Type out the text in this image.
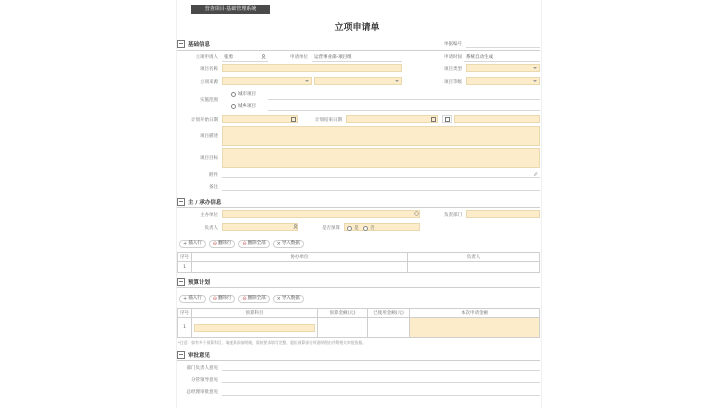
营查项目·基础管理系统
立项申请单
基础信息	单据编号
立项申请人 张勇	申请单位 运营事业部-项目组	申请时间 系统自动生成
项目名称	项目类型
立项来源	项目等级
城市项目
实施范围
城乡项目
计划开始日期	计划结束日期
项目描述
项目目标
附件
备注
主 / 承办信息
主办单位	负责部门
负责人	是否预算	是	否
+ 插入行 ⊖ 删除行 ⊖ 删除全部 × 导入数据
序号	协办单位	负责人
1		
预算计划
+ 插入行 ⊖ 删除行 ⊖ 删除全部 × 导入数据
序号	预算科目	预算金额(元)	已使用金额(元)	本次申请金额
1	

*注意：如有多个预算科目，请逐条添加明细，需按要求填写完整，超出预算部分须说明理由并附相关审批依据。
审批意见
部门负责人意见
分管领导意见
总经理审批意见
